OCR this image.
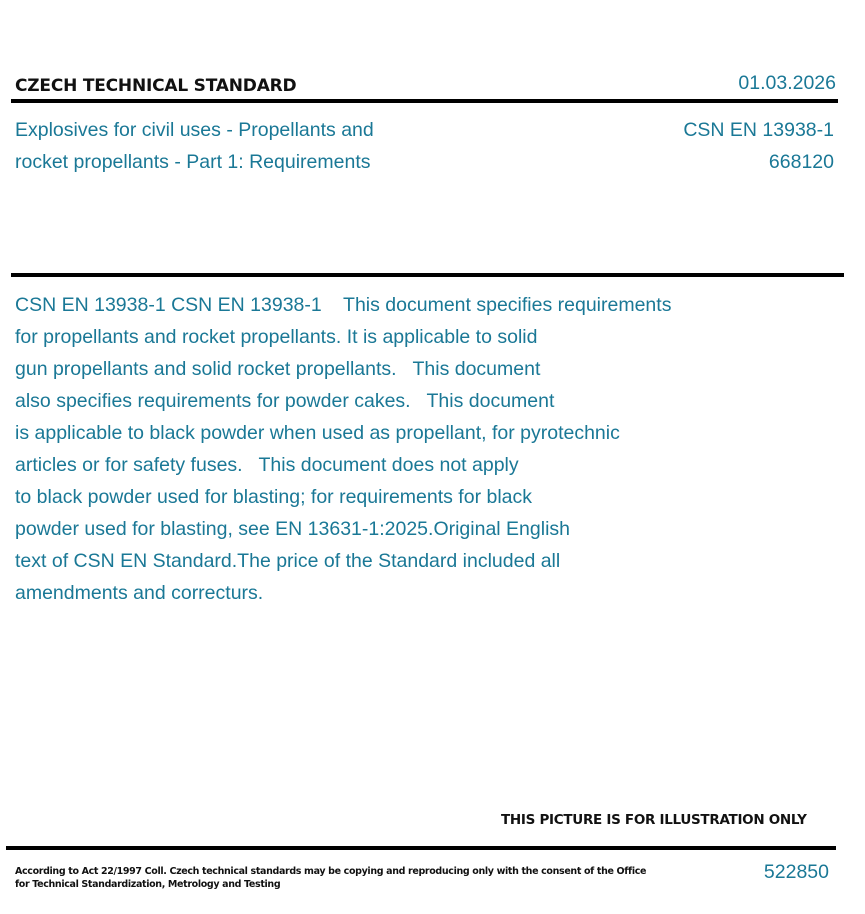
CZECH TECHNICAL STANDARD	01.03.2026
Explosives for civil uses - Propellants and
rocket propellants - Part 1: Requirements
CSN EN 13938-1
668120
CSN EN 13938-1 CSN EN 13938-1    This document specifies requirements
for propellants and rocket propellants. It is applicable to solid
gun propellants and solid rocket propellants.   This document
also specifies requirements for powder cakes.   This document
is applicable to black powder when used as propellant, for pyrotechnic
articles or for safety fuses.   This document does not apply
to black powder used for blasting; for requirements for black
powder used for blasting, see EN 13631-1:2025.Original English
text of CSN EN Standard.The price of the Standard included all
amendments and correcturs.
THIS PICTURE IS FOR ILLUSTRATION ONLY
According to Act 22/1997 Coll. Czech technical standards may be copying and reproducing only with the consent of the Office
for Technical Standardization, Metrology and Testing
522850
